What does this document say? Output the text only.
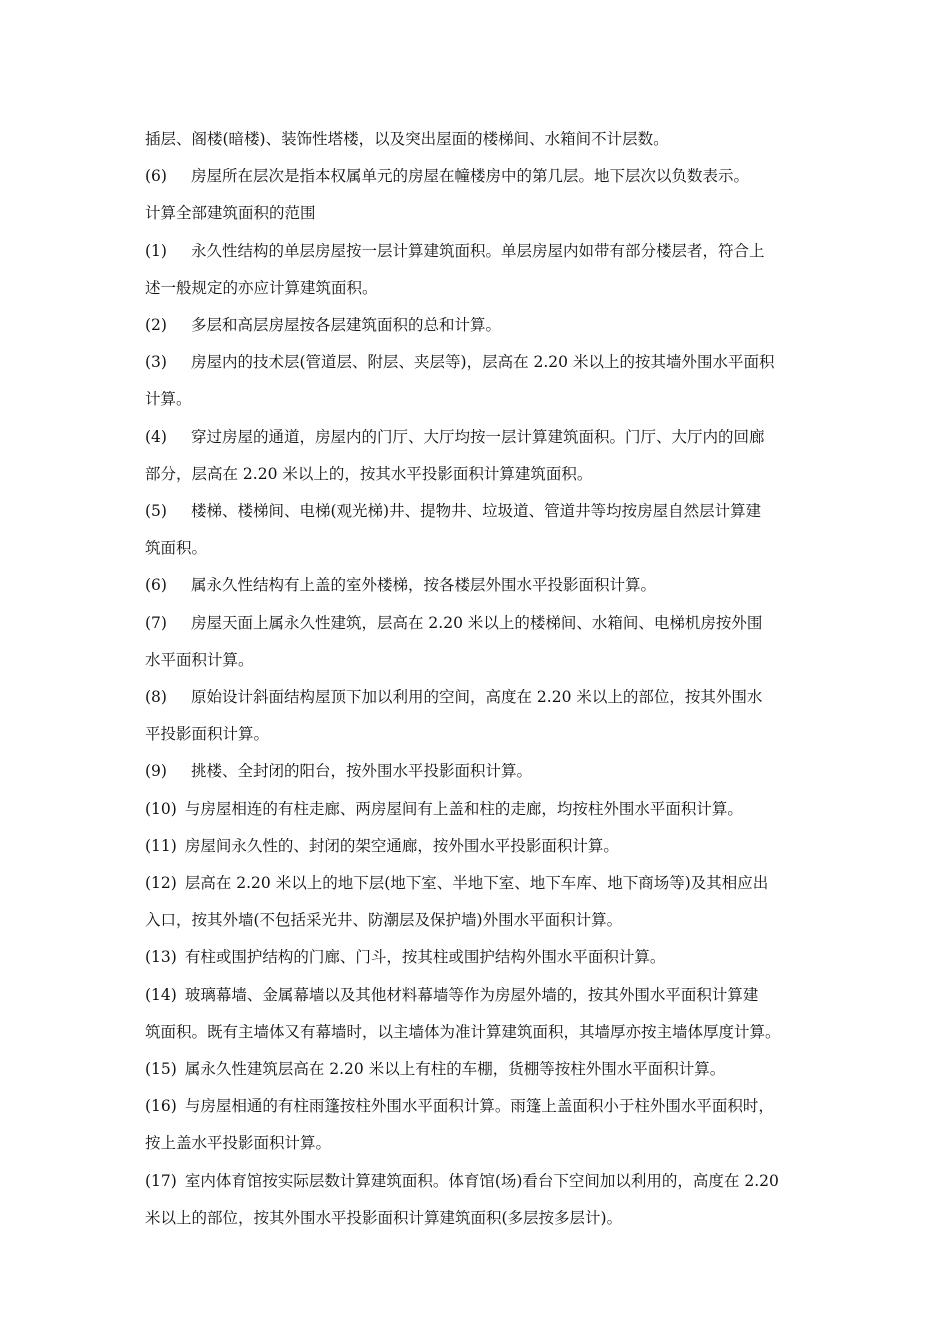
插层、阁楼(暗楼)、装饰性塔楼，以及突出屋面的楼梯间、水箱间不计层数。
(6) 房屋所在层次是指本权属单元的房屋在幢楼房中的第几层。地下层次以负数表示。
计算全部建筑面积的范围
(1) 永久性结构的单层房屋按一层计算建筑面积。单层房屋内如带有部分楼层者，符合上
述一般规定的亦应计算建筑面积。
(2) 多层和高层房屋按各层建筑面积的总和计算。
(3) 房屋内的技术层(管道层、附层、夹层等)，层高在 2.20 米以上的按其墙外围水平面积
计算。
(4) 穿过房屋的通道，房屋内的门厅、大厅均按一层计算建筑面积。门厅、大厅内的回廊
部分，层高在 2.20 米以上的，按其水平投影面积计算建筑面积。
(5) 楼梯、楼梯间、电梯(观光梯)井、提物井、垃圾道、管道井等均按房屋自然层计算建
筑面积。
(6) 属永久性结构有上盖的室外楼梯，按各楼层外围水平投影面积计算。
(7) 房屋天面上属永久性建筑，层高在 2.20 米以上的楼梯间、水箱间、电梯机房按外围
水平面积计算。
(8) 原始设计斜面结构屋顶下加以利用的空间，高度在 2.20 米以上的部位，按其外围水
平投影面积计算。
(9) 挑楼、全封闭的阳台，按外围水平投影面积计算。
(10) 与房屋相连的有柱走廊、两房屋间有上盖和柱的走廊，均按柱外围水平面积计算。
(11) 房屋间永久性的、封闭的架空通廊，按外围水平投影面积计算。
(12) 层高在 2.20 米以上的地下层(地下室、半地下室、地下车库、地下商场等)及其相应出
入口，按其外墙(不包括采光井、防潮层及保护墙)外围水平面积计算。
(13) 有柱或围护结构的门廊、门斗，按其柱或围护结构外围水平面积计算。
(14) 玻璃幕墙、金属幕墙以及其他材料幕墙等作为房屋外墙的，按其外围水平面积计算建
筑面积。既有主墙体又有幕墙时，以主墙体为准计算建筑面积，其墙厚亦按主墙体厚度计算。
(15) 属永久性建筑层高在 2.20 米以上有柱的车棚，货棚等按柱外围水平面积计算。
(16) 与房屋相通的有柱雨篷按柱外围水平面积计算。雨篷上盖面积小于柱外围水平面积时，
按上盖水平投影面积计算。
(17) 室内体育馆按实际层数计算建筑面积。体育馆(场)看台下空间加以利用的，高度在 2.20
米以上的部位，按其外围水平投影面积计算建筑面积(多层按多层计)。
